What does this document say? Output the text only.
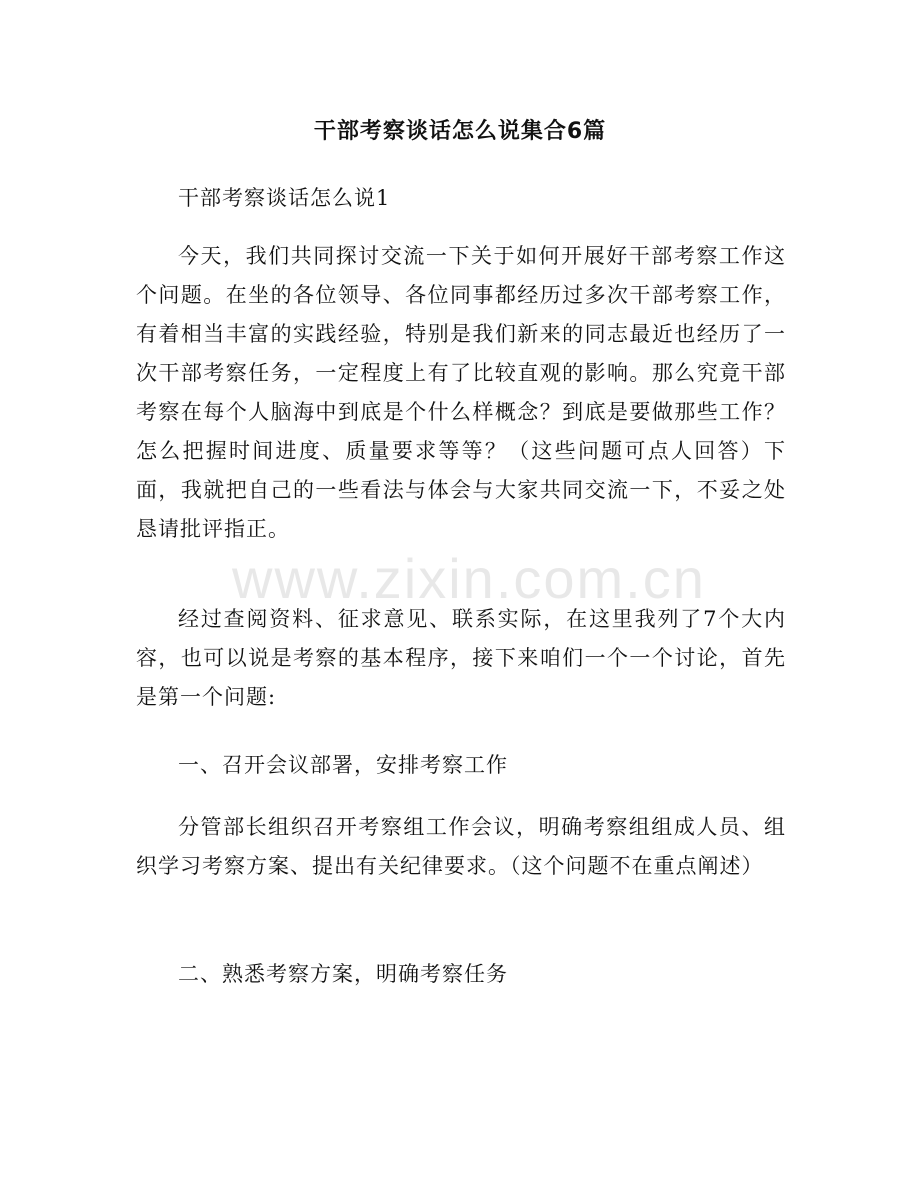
干部考察谈话怎么说集合6篇

干部考察谈话怎么说1

今天，我们共同探讨交流一下关于如何开展好干部考察工作这个问题。在坐的各位领导、各位同事都经历过多次干部考察工作，有着相当丰富的实践经验，特别是我们新来的同志最近也经历了一次干部考察任务，一定程度上有了比较直观的影响。那么究竟干部考察在每个人脑海中到底是个什么样概念？到底是要做那些工作？怎么把握时间进度、质量要求等等？（这些问题可点人回答）下面，我就把自己的一些看法与体会与大家共同交流一下，不妥之处恳请批评指正。

经过查阅资料、征求意见、联系实际，在这里我列了7个大内容，也可以说是考察的基本程序，接下来咱们一个一个讨论，首先是第一个问题:

一、召开会议部署，安排考察工作

分管部长组织召开考察组工作会议，明确考察组组成人员、组织学习考察方案、提出有关纪律要求。（这个问题不在重点阐述）

二、熟悉考察方案，明确考察任务

www.zixin.com.cn
